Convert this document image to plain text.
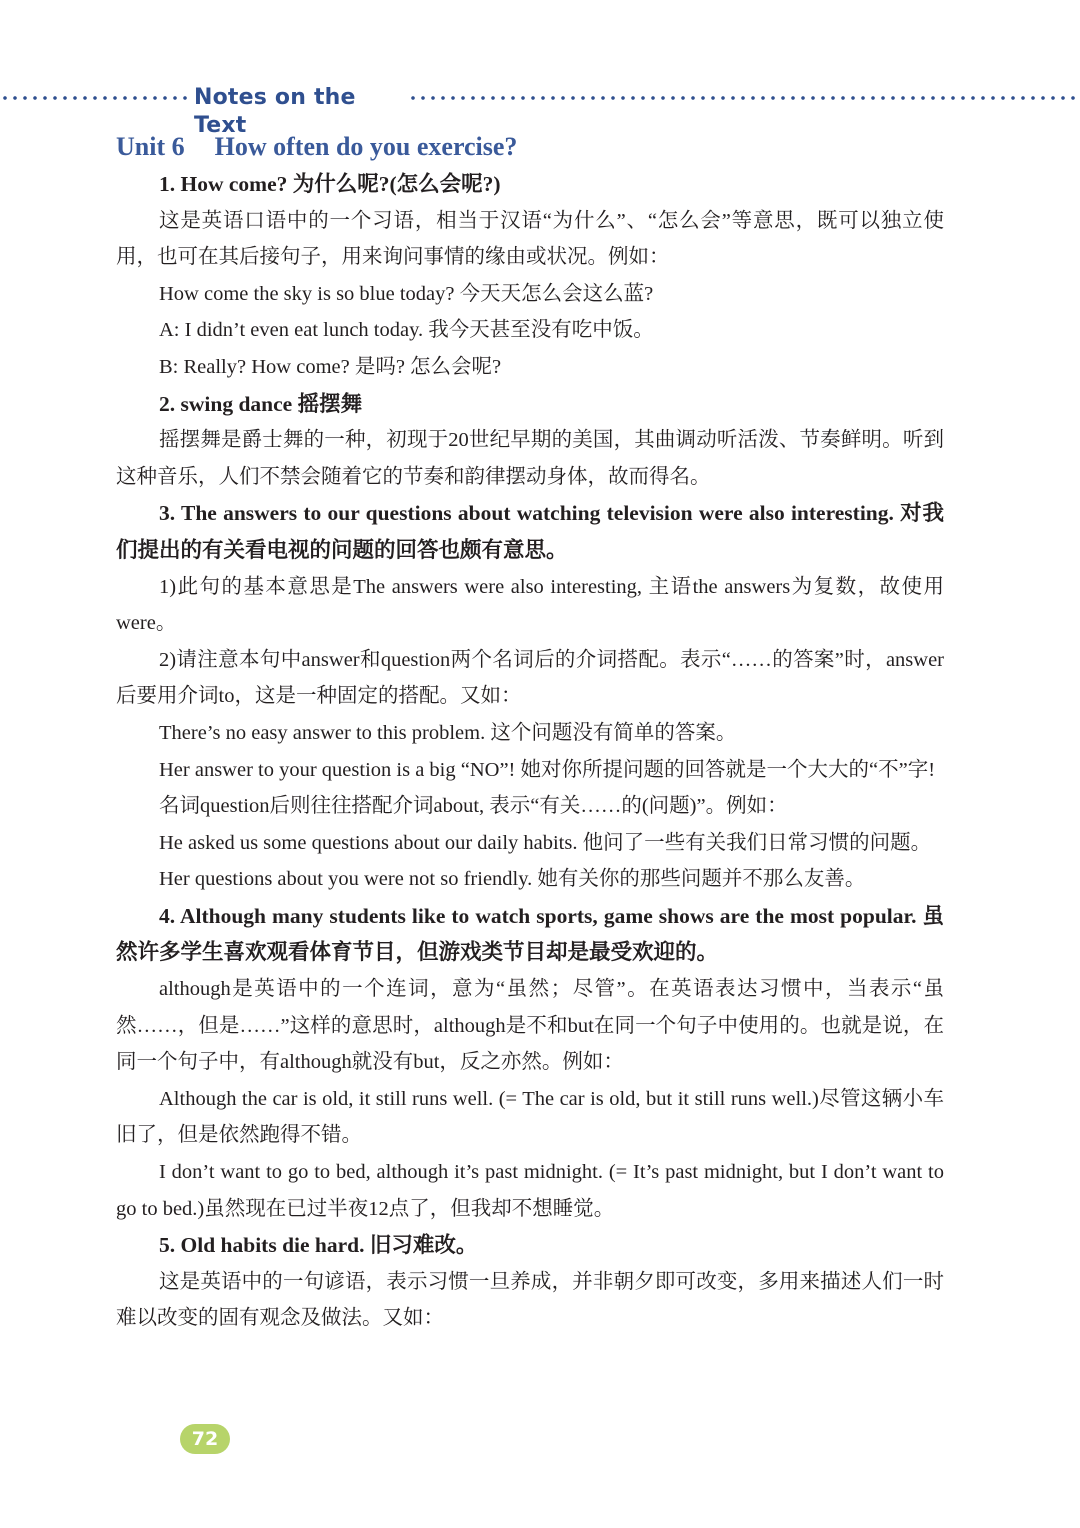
Notes on the Text
Unit 6 How often do you exercise?

1. How come? 为什么呢?(怎么会呢?)

这是英语口语中的一个习语，相当于汉语“为什么”、“怎么会”等意思，既可以独立使用，也可在其后接句子，用来询问事情的缘由或状况。例如：

How come the sky is so blue today? 今天天怎么会这么蓝?

A: I didn’t even eat lunch today. 我今天甚至没有吃中饭。

B: Really? How come? 是吗? 怎么会呢?

2. swing dance 摇摆舞

摇摆舞是爵士舞的一种，初现于20世纪早期的美国，其曲调动听活泼、节奏鲜明。听到这种音乐，人们不禁会随着它的节奏和韵律摆动身体，故而得名。

3. The answers to our questions about watching television were also interesting. 对我们提出的有关看电视的问题的回答也颇有意思。

1)此句的基本意思是The answers were also interesting, 主语the answers为复数，故使用were。

2)请注意本句中answer和question两个名词后的介词搭配。表示“……的答案”时，answer后要用介词to，这是一种固定的搭配。又如：

There’s no easy answer to this problem. 这个问题没有简单的答案。

Her answer to your question is a big “NO”! 她对你所提问题的回答就是一个大大的“不”字!

名词question后则往往搭配介词about, 表示“有关……的(问题)”。例如：

He asked us some questions about our daily habits. 他问了一些有关我们日常习惯的问题。

Her questions about you were not so friendly. 她有关你的那些问题并不那么友善。

4. Although many students like to watch sports, game shows are the most popular. 虽然许多学生喜欢观看体育节目，但游戏类节目却是最受欢迎的。

although是英语中的一个连词，意为“虽然；尽管”。在英语表达习惯中，当表示“虽然……，但是……”这样的意思时，although是不和but在同一个句子中使用的。也就是说，在同一个句子中，有although就没有but，反之亦然。例如：

Although the car is old, it still runs well. (= The car is old, but it still runs well.)尽管这辆小车旧了，但是依然跑得不错。

I don’t want to go to bed, although it’s past midnight. (= It’s past midnight, but I don’t want to go to bed.)虽然现在已过半夜12点了，但我却不想睡觉。

5. Old habits die hard. 旧习难改。

这是英语中的一句谚语，表示习惯一旦养成，并非朝夕即可改变，多用来描述人们一时难以改变的固有观念及做法。又如：

72
